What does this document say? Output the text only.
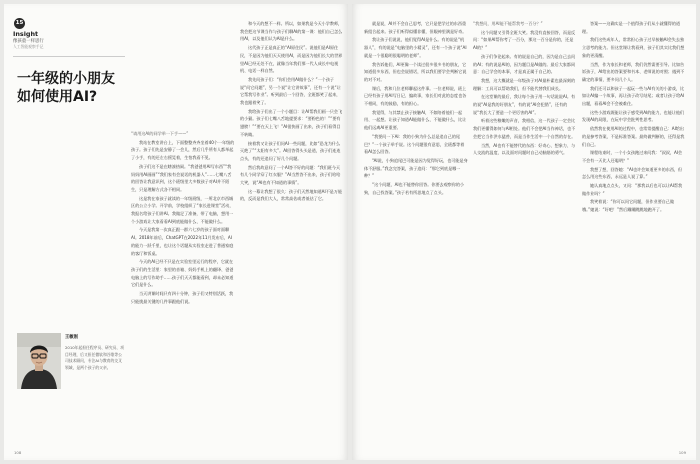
15
Insight
像孩童一样思行
人工智能观察手记
一年级的小朋友
如何使用AI?
王敏刚
2010年起担任程序员、研究员、项目经理，后又担任微软和谷歌等公司技术顾问，专注AI与教育的交叉领域，是两个孩子的父亲。

“请用这AI的同学举一下手——”

我站在教室讲台上，下面整整齐齐坐着40个一年级的孩子。孩子们先是安静了一会儿，然后几乎所有人都举起了小手，有的还左右摇晃着，生怕我看不见。

孩子们这不是在瞎凑热闹。“我爸爸用AI写东西”“我妈妈用AI画画”“我们家有会说话的机器人”……七嘴八舌的回答让我意识到，这个班级里大多数孩子对AI并不陌生，只是理解方式各不相同。

这是我在家孩子就读的一年级班级，一所北京市西城区的公立小学。开学前，学校组织了“家长进课堂”活动，我报名给孩子们讲AI。我做足了准备，带了电脑，想用一个小游戏让大家看看AI到底能做什么、不能做什么。

今天是我第一次真正跟一群六七岁的孩子面对面聊AI。2018年前后，ChatGPT在2022年11月发布后，AI的能力一跃千里，也让这个话题从实验室走进了普通家庭的客厅和饭桌。

今天的AI已经不只是在实验室里运行的程序，它就在孩子们的生活里：家里的音箱、妈妈手机上的翻译、爸爸电脑上的写作助手……孩子们天天都能看到，却未必知道它们是什么。

当天讲课时间只有四十分钟，孩子们又特别活跃，我只能挑最关键的几件事跟他们说。

和今天的想不一样。所以，如果我是今天小学教师，我会把这节课当作与孩子们聊AI的第一课：他们自己怎么用AI，以及他们认为AI是什么。

这代孩子正是真正的“AI原住民”。说他们是AI原住民，不是因为他们天天使用AI，而是因为他们长大的世界里AI已经无处不在，就像当年我们那一代人成长中电视机、电话一样自然。

我先问孩子们：“你们会用AI做什么？”一个孩子说“问它问题”，另一个说“让它讲故事”，还有一个说“让它帮我写作业”。听到最后一个回答，全班都笑了起来，我也跟着笑了。

我给孩子们出了一个小题目：让AI帮我们画一只会飞的小猫。孩子们七嘴八舌地提要求：“要粉色的！”“要有翅膀！”“要在天上飞！”AI很快画了出来，孩子们看得目不转睛。

接着我又让孩子们问AI一些问题，比如“恐龙为什么灭绝了”“太阳有多大”。AI回答得头头是道，孩子们连连点头，有的还追问了好几个问题。

然后我故意问了一个AI答不好的问题：“我们班今天有几个同学穿了红衣服？”AI当然答不出来，孩子们哈哈大笑，说“AI也有不知道的事情”。

这一幕让我想了很久：孩子们天然地知道AI不是万能的，反而是我们大人，常常高估或者低估了它。

108

就是说，AI并不会自己思考，它只是把学过的东西重新组合起来。孩子们听得似懂非懂，但眼神里满是好奇。

我让孩子们说说，他们觉得AI是什么。有的说是“机器人”，有的说是“电脑里的小精灵”，还有一个孩子说“AI就是一个很聪明很聪明的老师”。

我告诉他们，AI更像一个读过很多很多书的朋友，它知道很多东西，但也会说错话，所以我们要学会判断它说的对不对。

课后，我和几位老师聊起这件事。一位老师说，班上已经有孩子用AI写日记、编故事，家长们对此的态度也各不相同，有的鼓励，有的担心。

我觉得，与其禁止孩子接触AI，不如陪着他们一起用、一起想。让孩子知道AI能做什么、不能做什么，比让他们远离AI更重要。

“我要问一下AI：我的小狗为什么总是追自己的尾巴？”一个孩子举手说。这个问题很有意思，全班都等着看AI怎么回答。

“AI说，小狗追尾巴可能是因为觉得好玩，也可能是身体不舒服。”我念完答案，孩子追问：“那它到底是哪一种？”

“这个问题，AI也不能替你回答。你要去观察你的小狗，自己找答案。”孩子若有所思地点了点头。

“我想问，用AI能不能帮我考一百分？”

这个问题又引得全班大笑。我没有直接回答，而是反问：“如果AI帮你考了一百分，那这一百分是你的，还是AI的？”

孩子们争论起来。有的说是自己的，因为是自己去问的AI；有的说是AI的，因为题目是AI做的。最后大家都同意：自己学会的本事，才是真正属于自己的。

我想，这大概就是一年级孩子对AI最朴素也最深刻的理解：工具可以帮助我们，但不能代替我们成长。

在这堂课的最后，我让每个孩子用一句话说说AI。有的说“AI是我的好朋友”，有的说“AI会犯错”，还有的说“我长大了要造一个更厉害的AI”。

听着这些稚嫩的声音，我相信，这一代孩子一定会比我们更懂得如何与AI相处。他们不会把AI当作神话，也不会把它当作洪水猛兽，而是当作生活中一个自然的存在。

当然，AI也有不能替代的东西：好奇心、想象力、与人交流的温度，以及面对问题时自己动脑筋的勇气。

答案——这确实是一个值得孩子们从小就懂得的道理。

我们这些成年人，常常担心孩子过早接触AI会失去独立思考的能力。但这堂课让我看到，孩子们其实比我们想象的更清醒。

当然，作为家长和老师，我们仍然需要引导。比如告诉孩子，AI给出的答案要和书本、老师说的对照；遇到不确定的事情，要多问几个人。

我们还可以和孩子一起玩一些与AI有关的小游戏，比如让AI编一个故事，再让孩子改写结尾；或者让孩子给AI出题，看看AI会不会被难住。

这些小游戏既能让孩子感受到AI的能力，也能让他们发现AI的局限，在玩中学会批判性思考。

依然我在使用AI的过程中，也常常提醒自己：AI给出的是参考答案，不是标准答案。最终做判断的，还得是我们自己。

课程结束时，一个小女孩跑过来问我：“叔叔，AI会不会有一天比人还聪明？”

我想了想，回答她：“AI也许会知道更多的东西，但怎么用这些东西，永远是人说了算。”

她认真地点点头，又问：“那我以后也可以让AI帮我做作业吗？”

我笑着说：“你可以问它问题，但作业要自己做哦。”她说：“好吧！”然后蹦蹦跳跳地跑开了。

109
